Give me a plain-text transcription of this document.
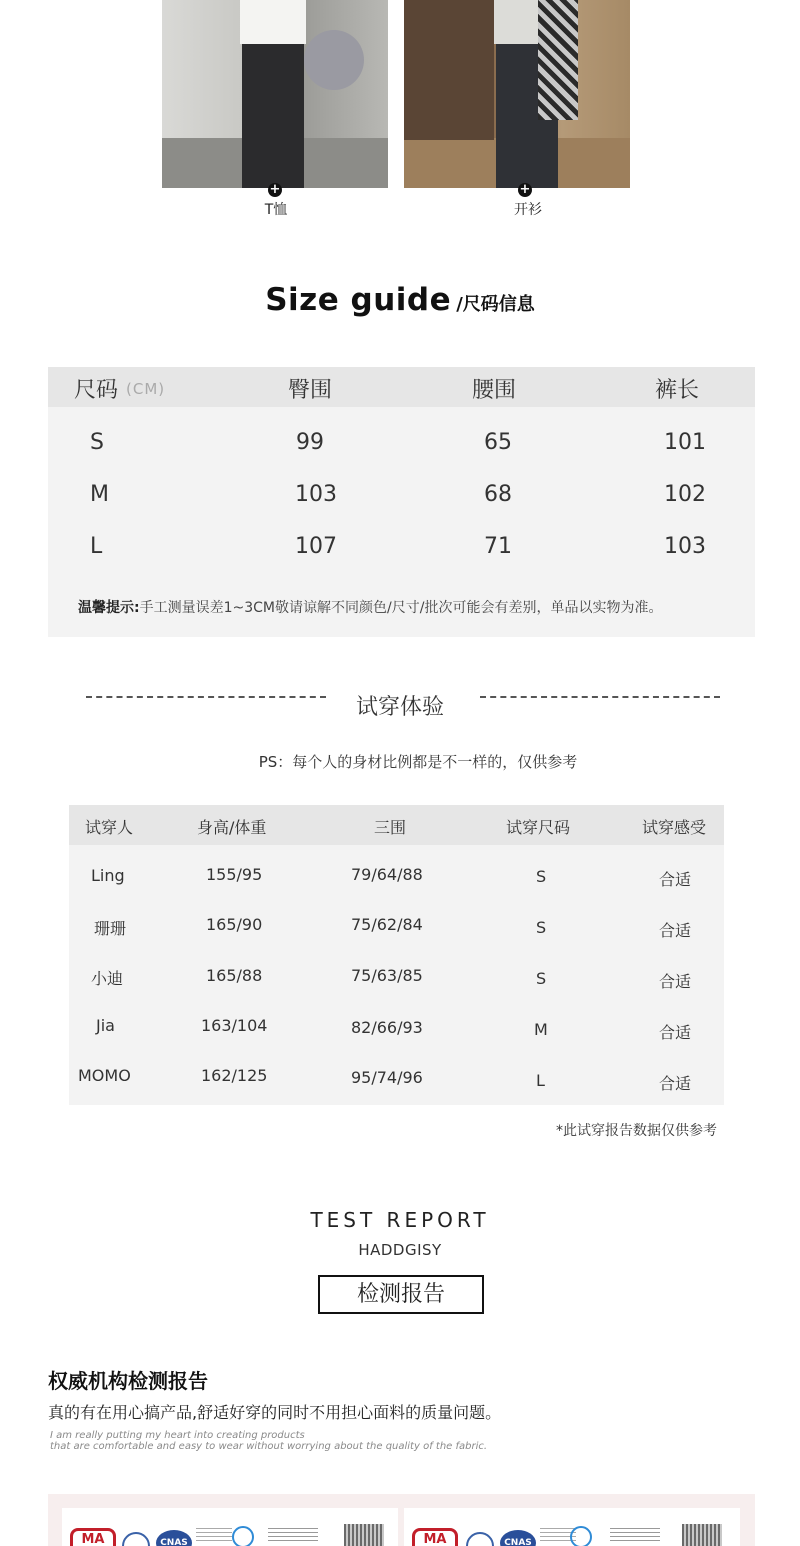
+
T恤
+
开衫
Size guide /尺码信息
尺码 (CM)	臀围	腰围	裤长
S	99	65	101
M	103	68	102
L	107	71	103
温馨提示:手工测量误差1~3CM敬请谅解不同颜色/尺寸/批次可能会有差别，单品以实物为准。
试穿体验
PS：每个人的身材比例都是不一样的，仅供参考
试穿人	身高/体重	三围	试穿尺码	试穿感受
Ling	155/95	79/64/88	S	合适
珊珊	165/90	75/62/84	S	合适
小迪	165/88	75/63/85	S	合适
Jia	163/104	82/66/93	M	合适
MOMO	162/125	95/74/96	L	合适
*此试穿报告数据仅供参考
TEST REPORT
HADDGISY
检测报告
权威机构检测报告
真的有在用心搞产品,舒适好穿的同时不用担心面料的质量问题。
I am really putting my heart into creating products
that are comfortable and easy to wear without worrying about the quality of the fabric.
MA	CNAS	MA	CNAS
